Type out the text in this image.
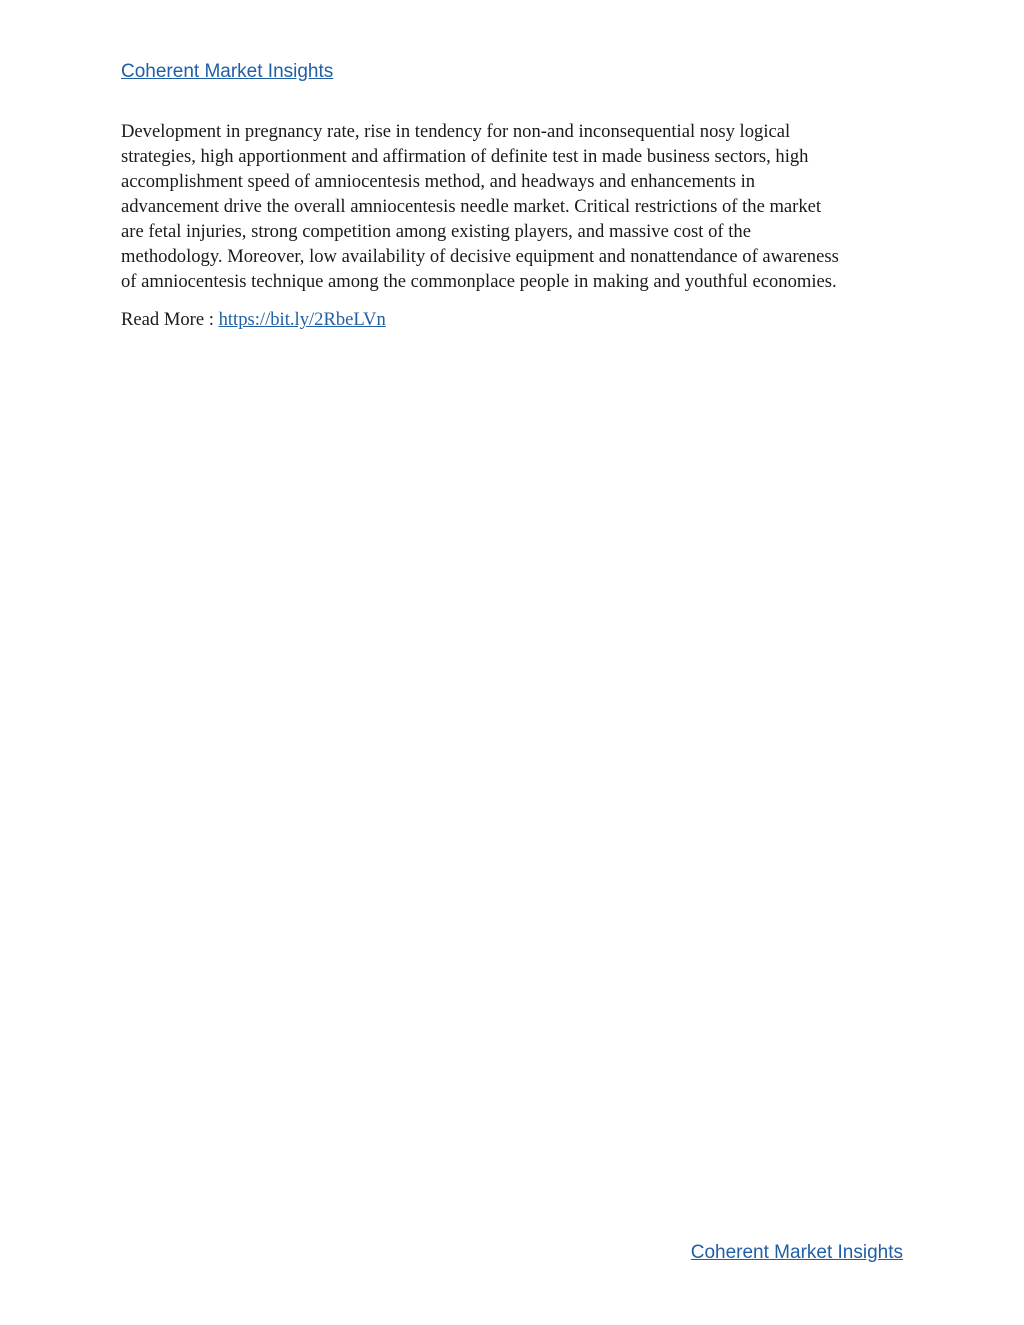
Coherent Market Insights

Development in pregnancy rate, rise in tendency for non-and inconsequential nosy logical
strategies, high apportionment and affirmation of definite test in made business sectors, high
accomplishment speed of amniocentesis method, and headways and enhancements in
advancement drive the overall amniocentesis needle market. Critical restrictions of the market
are fetal injuries, strong competition among existing players, and massive cost of the
methodology. Moreover, low availability of decisive equipment and nonattendance of awareness
of amniocentesis technique among the commonplace people in making and youthful economies.

Read More : https://bit.ly/2RbeLVn
Coherent Market Insights
